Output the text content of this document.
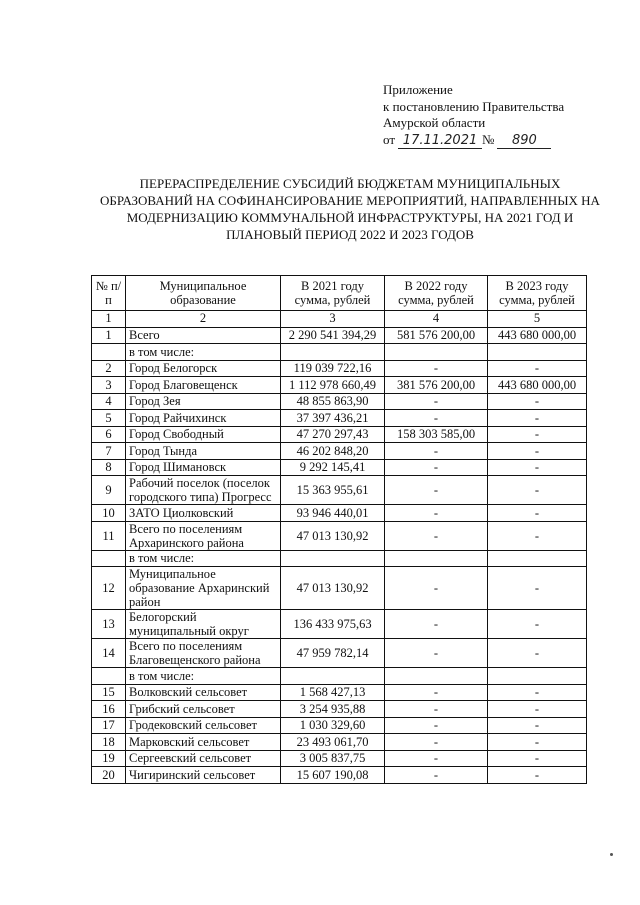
Приложение
к постановлению Правительства
Амурской области
от 17.11.2021 №	890
ПЕРЕРАСПРЕДЕЛЕНИЕ СУБСИДИЙ БЮДЖЕТАМ МУНИЦИПАЛЬНЫХ ОБРАЗОВАНИЙ НА СОФИНАНСИРОВАНИЕ МЕРОПРИЯТИЙ, НАПРАВЛЕННЫХ НА МОДЕРНИЗАЦИЮ КОММУНАЛЬНОЙ ИНФРАСТРУКТУРЫ, НА 2021 ГОД И ПЛАНОВЫЙ ПЕРИОД 2022 И 2023 ГОДОВ
№ п/п	Муниципальное образование	В 2021 году сумма, рублей	В 2022 году сумма, рублей	В 2023 году сумма, рублей
1	2	3	4	5
1	Всего	2 290 541 394,29	581 576 200,00	443 680 000,00
	в том числе:			
2	Город Белогорск	119 039 722,16	-	-
3	Город Благовещенск	1 112 978 660,49	381 576 200,00	443 680 000,00
4	Город Зея	48 855 863,90	-	-
5	Город Райчихинск	37 397 436,21	-	-
6	Город Свободный	47 270 297,43	158 303 585,00	-
7	Город Тында	46 202 848,20	-	-
8	Город Шимановск	9 292 145,41	-	-
9	Рабочий поселок (поселок городского типа) Прогресс	15 363 955,61	-	-
10	ЗАТО Циолковский	93 946 440,01	-	-
11	Всего по поселениям Архаринского района	47 013 130,92	-	-
	в том числе:			
12	Муниципальное образование Архаринский район	47 013 130,92	-	-
13	Белогорский муниципальный округ	136 433 975,63	-	-
14	Всего по поселениям Благовещенского района	47 959 782,14	-	-
	в том числе:			
15	Волковский сельсовет	1 568 427,13	-	-
16	Грибский сельсовет	3 254 935,88	-	-
17	Гродековский сельсовет	1 030 329,60	-	-
18	Марковский сельсовет	23 493 061,70	-	-
19	Сергеевский сельсовет	3 005 837,75	-	-
20	Чигиринский сельсовет	15 607 190,08	-	-
